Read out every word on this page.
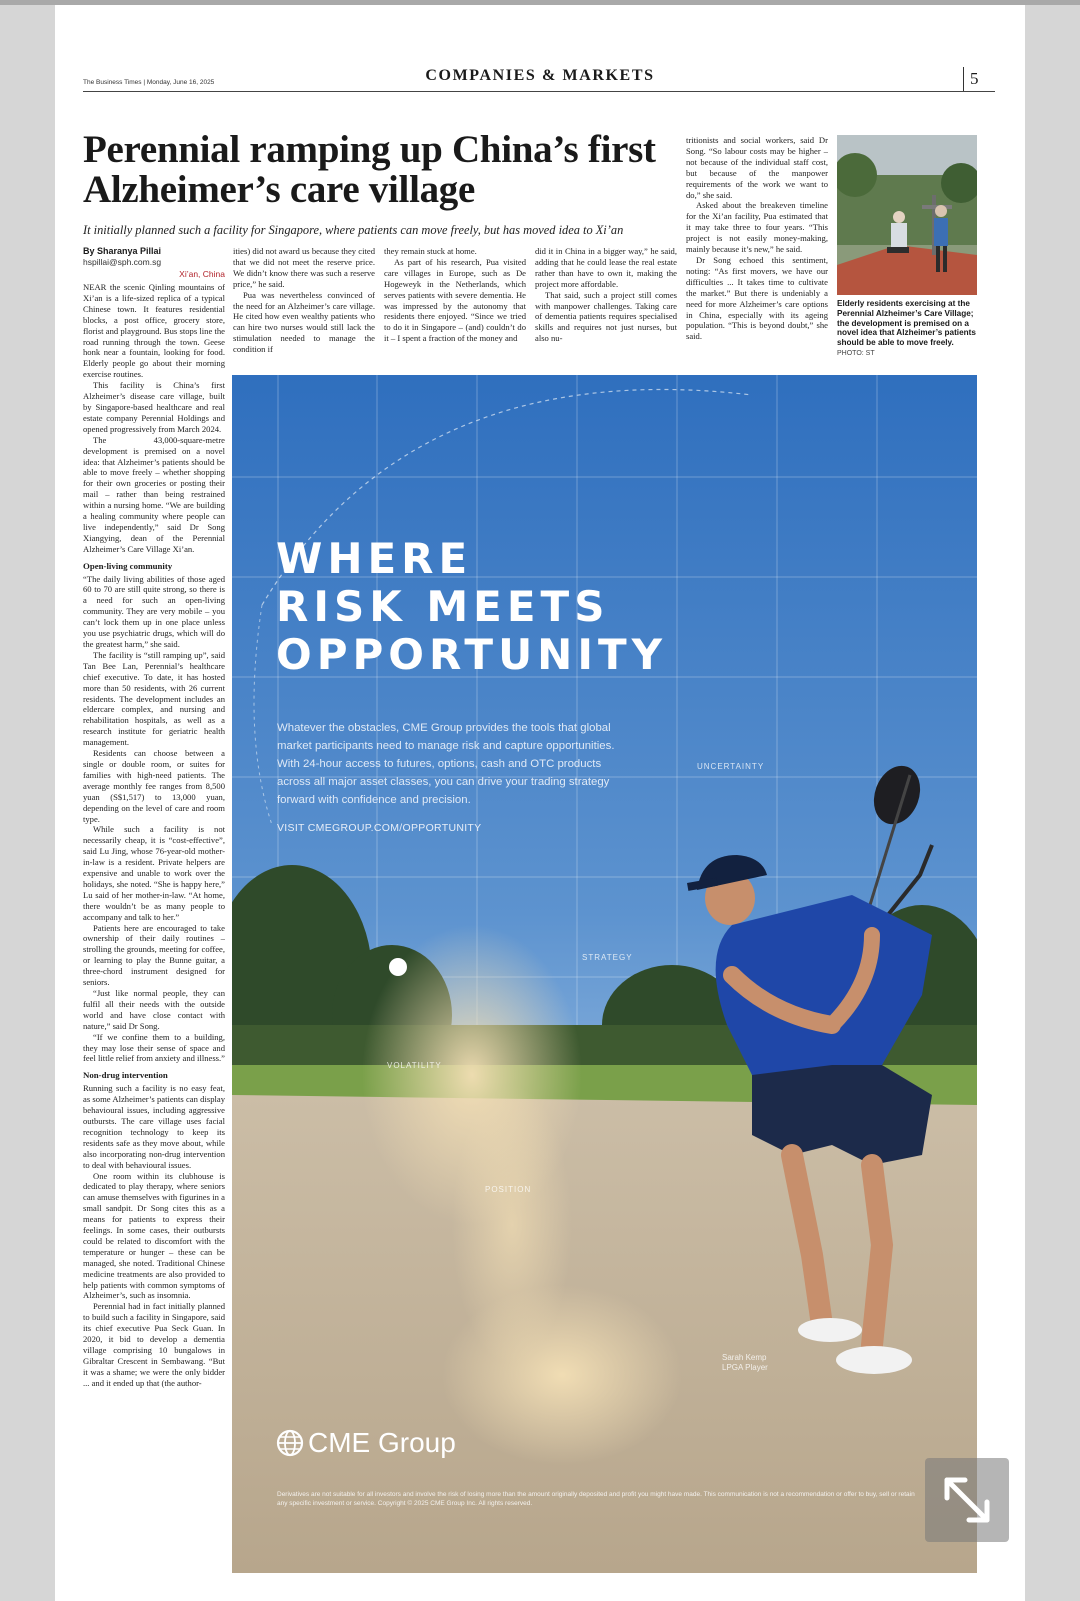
The Business Times | Monday, June 16, 2025	COMPANIES & MARKETS	5
Perennial ramping up China’s first Alzheimer’s care village
It initially planned such a facility for Singapore, where patients can move freely, but has moved idea to Xi’an
By Sharanya Pillai
hspillai@sph.com.sg
Xi’an, China

NEAR the scenic Qinling mountains of Xi’an is a life-sized replica of a typical Chinese town. It features residential blocks, a post office, grocery store, florist and playground. Bus stops line the road running through the town. Geese honk near a fountain, looking for food. Elderly people go about their morning exercise routines.

This facility is China’s first Alzheimer’s disease care village, built by Singapore-based healthcare and real estate company Perennial Holdings and opened progressively from March 2024.

The 43,000-square-metre development is premised on a novel idea: that Alzheimer’s patients should be able to move freely – whether shopping for their own groceries or posting their mail – rather than being restrained within a nursing home. “We are building a healing community where people can live independently,” said Dr Song Xiangying, dean of the Perennial Alzheimer’s Care Village Xi’an.

Open-living community

“The daily living abilities of those aged 60 to 70 are still quite strong, so there is a need for such an open-living community. They are very mobile – you can’t lock them up in one place unless you use psychiatric drugs, which will do the greatest harm,” she said.

The facility is “still ramping up”, said Tan Bee Lan, Perennial’s healthcare chief executive. To date, it has hosted more than 50 residents, with 26 current residents. The development includes an eldercare complex, and nursing and rehabilitation hospitals, as well as a research institute for geriatric health management.

Residents can choose between a single or double room, or suites for families with high-need patients. The average monthly fee ranges from 8,500 yuan (S$1,517) to 13,000 yuan, depending on the level of care and room type.

While such a facility is not necessarily cheap, it is “cost-effective”, said Lu Jing, whose 76-year-old mother-in-law is a resident. Private helpers are expensive and unable to work over the holidays, she noted. “She is happy here,” Lu said of her mother-in-law. “At home, there wouldn’t be as many people to accompany and talk to her.”

Patients here are encouraged to take ownership of their daily routines – strolling the grounds, meeting for coffee, or learning to play the Bunne guitar, a three-chord instrument designed for seniors.

“Just like normal people, they can fulfil all their needs with the outside world and have close contact with nature,” said Dr Song.

“If we confine them to a building, they may lose their sense of space and feel little relief from anxiety and illness.”

Non-drug intervention

Running such a facility is no easy feat, as some Alzheimer’s patients can display behavioural issues, including aggressive outbursts. The care village uses facial recognition technology to keep its residents safe as they move about, while also incorporating non-drug intervention to deal with behavioural issues.

One room within its clubhouse is dedicated to play therapy, where seniors can amuse themselves with figurines in a small sandpit. Dr Song cites this as a means for patients to express their feelings. In some cases, their outbursts could be related to discomfort with the temperature or hunger – these can be managed, she noted. Traditional Chinese medicine treatments are also provided to help patients with common symptoms of Alzheimer’s, such as insomnia.

Perennial had in fact initially planned to build such a facility in Singapore, said its chief executive Pua Seck Guan. In 2020, it bid to develop a dementia village comprising 10 bungalows in Gibraltar Crescent in Sembawang. “But it was a shame; we were the only bidder ... and it ended up that (the author-

ities) did not award us because they cited that we did not meet the reserve price. We didn’t know there was such a reserve price,” he said.

Pua was nevertheless convinced of the need for an Alzheimer’s care village. He cited how even wealthy patients who can hire two nurses would still lack the stimulation needed to manage the condition if

they remain stuck at home.

As part of his research, Pua visited care villages in Europe, such as De Hogeweyk in the Netherlands, which serves patients with severe dementia. He was impressed by the autonomy that residents there enjoyed. “Since we tried to do it in Singapore – (and) couldn’t do it – I spent a fraction of the money and

did it in China in a bigger way,” he said, adding that he could lease the real estate rather than have to own it, making the project more affordable.

That said, such a project still comes with manpower challenges. Taking care of dementia patients requires specialised skills and requires not just nurses, but also nu-

tritionists and social workers, said Dr Song. “So labour costs may be higher – not because of the individual staff cost, but because of the manpower requirements of the work we want to do,” she said.

Asked about the breakeven timeline for the Xi’an facility, Pua estimated that it may take three to four years. “This project is not easily money-making, mainly because it’s new,” he said.

Dr Song echoed this sentiment, noting: “As first movers, we have our difficulties ... It takes time to cultivate the market.” But there is undeniably a need for more Alzheimer’s care options in China, especially with its ageing population. “This is beyond doubt,” she said.

Elderly residents exercising at the Perennial Alzheimer’s Care Village; the development is premised on a novel idea that Alzheimer’s patients should be able to move freely. PHOTO: ST
WHERE
RISK MEETS
OPPORTUNITY
Whatever the obstacles, CME Group provides the tools that global market participants need to manage risk and capture opportunities. With 24-hour access to futures, options, cash and OTC products across all major asset classes, you can drive your trading strategy forward with confidence and precision.
VISIT CMEGROUP.COM/OPPORTUNITY
UNCERTAINTY
STRATEGY
VOLATILITY
POSITION
Sarah Kemp
LPGA Player
CME Group
Derivatives are not suitable for all investors and involve the risk of losing more than the amount originally deposited and profit you might have made. This communication is not a recommendation or offer to buy, sell or retain any specific investment or service. Copyright © 2025 CME Group Inc. All rights reserved.
